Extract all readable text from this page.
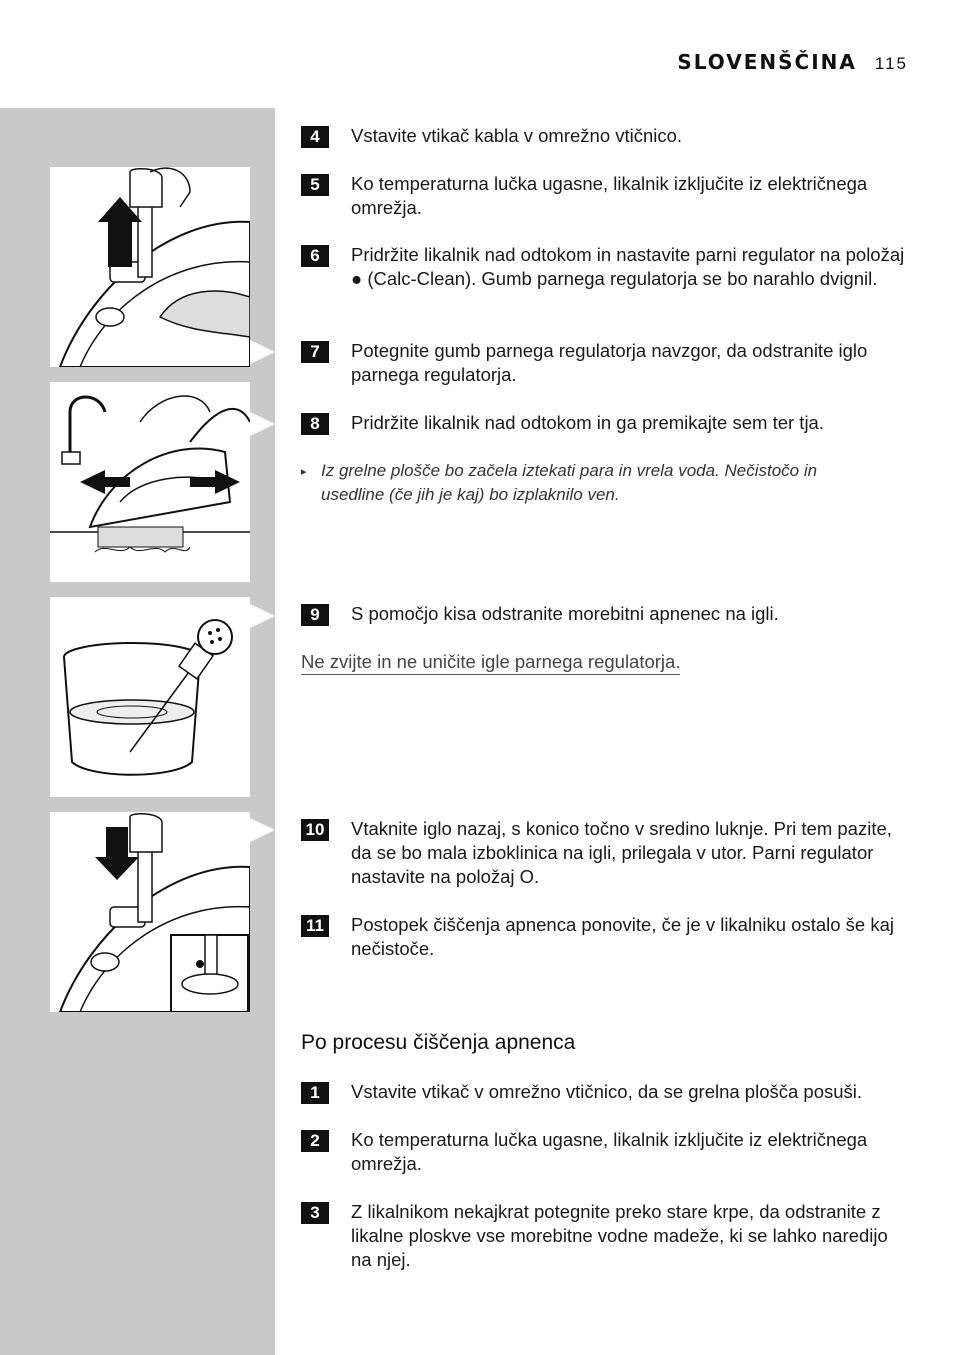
SLOVENŠČINA 115
4	Vstavite vtikač kabla v omrežno vtičnico.
5	Ko temperaturna lučka ugasne, likalnik izključite iz električnega omrežja.
6	Pridržite likalnik nad odtokom in nastavite parni regulator na položaj ● (Calc-Clean). Gumb parnega regulatorja se bo narahlo dvignil.
7	Potegnite gumb parnega regulatorja navzgor, da odstranite iglo parnega regulatorja.
8	Pridržite likalnik nad odtokom in ga premikajte sem ter tja.
▸ Iz grelne plošče bo začela iztekati para in vrela voda. Nečistočo in usedline (če jih je kaj) bo izplaknilo ven.
9	S pomočjo kisa odstranite morebitni apnenec na igli.
Ne zvijte in ne uničite igle parnega regulatorja.
10 Vtaknite iglo nazaj, s konico točno v sredino luknje. Pri tem pazite, da se bo mala izboklinica na igli, prilegala v utor. Parni regulator nastavite na položaj O.
11 Postopek čiščenja apnenca ponovite, če je v likalniku ostalo še kaj nečistoče.
Po procesu čiščenja apnenca
1	Vstavite vtikač v omrežno vtičnico, da se grelna plošča posuši.
2	Ko temperaturna lučka ugasne, likalnik izključite iz električnega omrežja.
3	Z likalnikom nekajkrat potegnite preko stare krpe, da odstranite z likalne ploskve vse morebitne vodne madeže, ki se lahko naredijo na njej.
